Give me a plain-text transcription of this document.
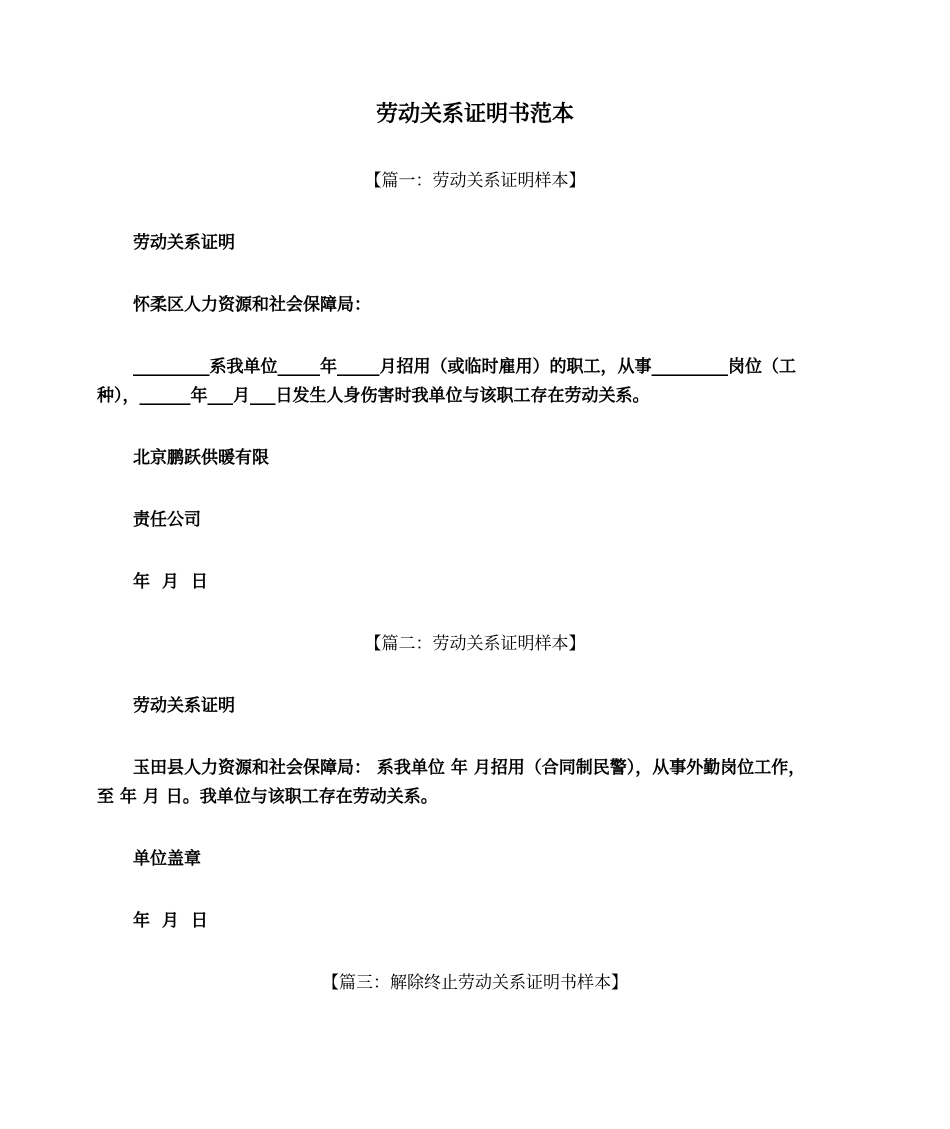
劳动关系证明书范本
【篇一：劳动关系证明样本】
劳动关系证明
怀柔区人力资源和社会保障局：
_________系我单位_____年_____月招用（或临时雇用）的职工，从事_________岗位（工
种），______年___月___日发生人身伤害时我单位与该职工存在劳动关系。
北京鹏跃供暖有限
责任公司
年 月 日
【篇二：劳动关系证明样本】
劳动关系证明
玉田县人力资源和社会保障局： 系我单位 年 月招用（合同制民警），从事外勤岗位工作，
至 年 月 日。我单位与该职工存在劳动关系。
单位盖章
年 月 日
【篇三：解除终止劳动关系证明书样本】
